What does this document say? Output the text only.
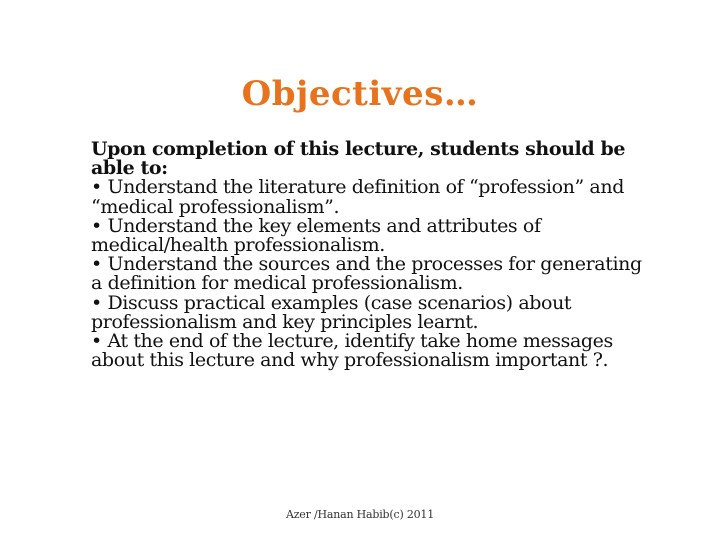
Objectives…

Upon completion of this lecture, students should be able to:

• Understand the literature definition of “profession” and “medical professionalism”.
• Understand the key elements and attributes of medical/health professionalism.
• Understand the sources and the processes for generating a definition for medical professionalism.
• Discuss practical examples (case scenarios) about professionalism and key principles learnt.
• At the end of the lecture, identify take home messages about this lecture and why professionalism important ?.
Azer /Hanan Habib(c) 2011
